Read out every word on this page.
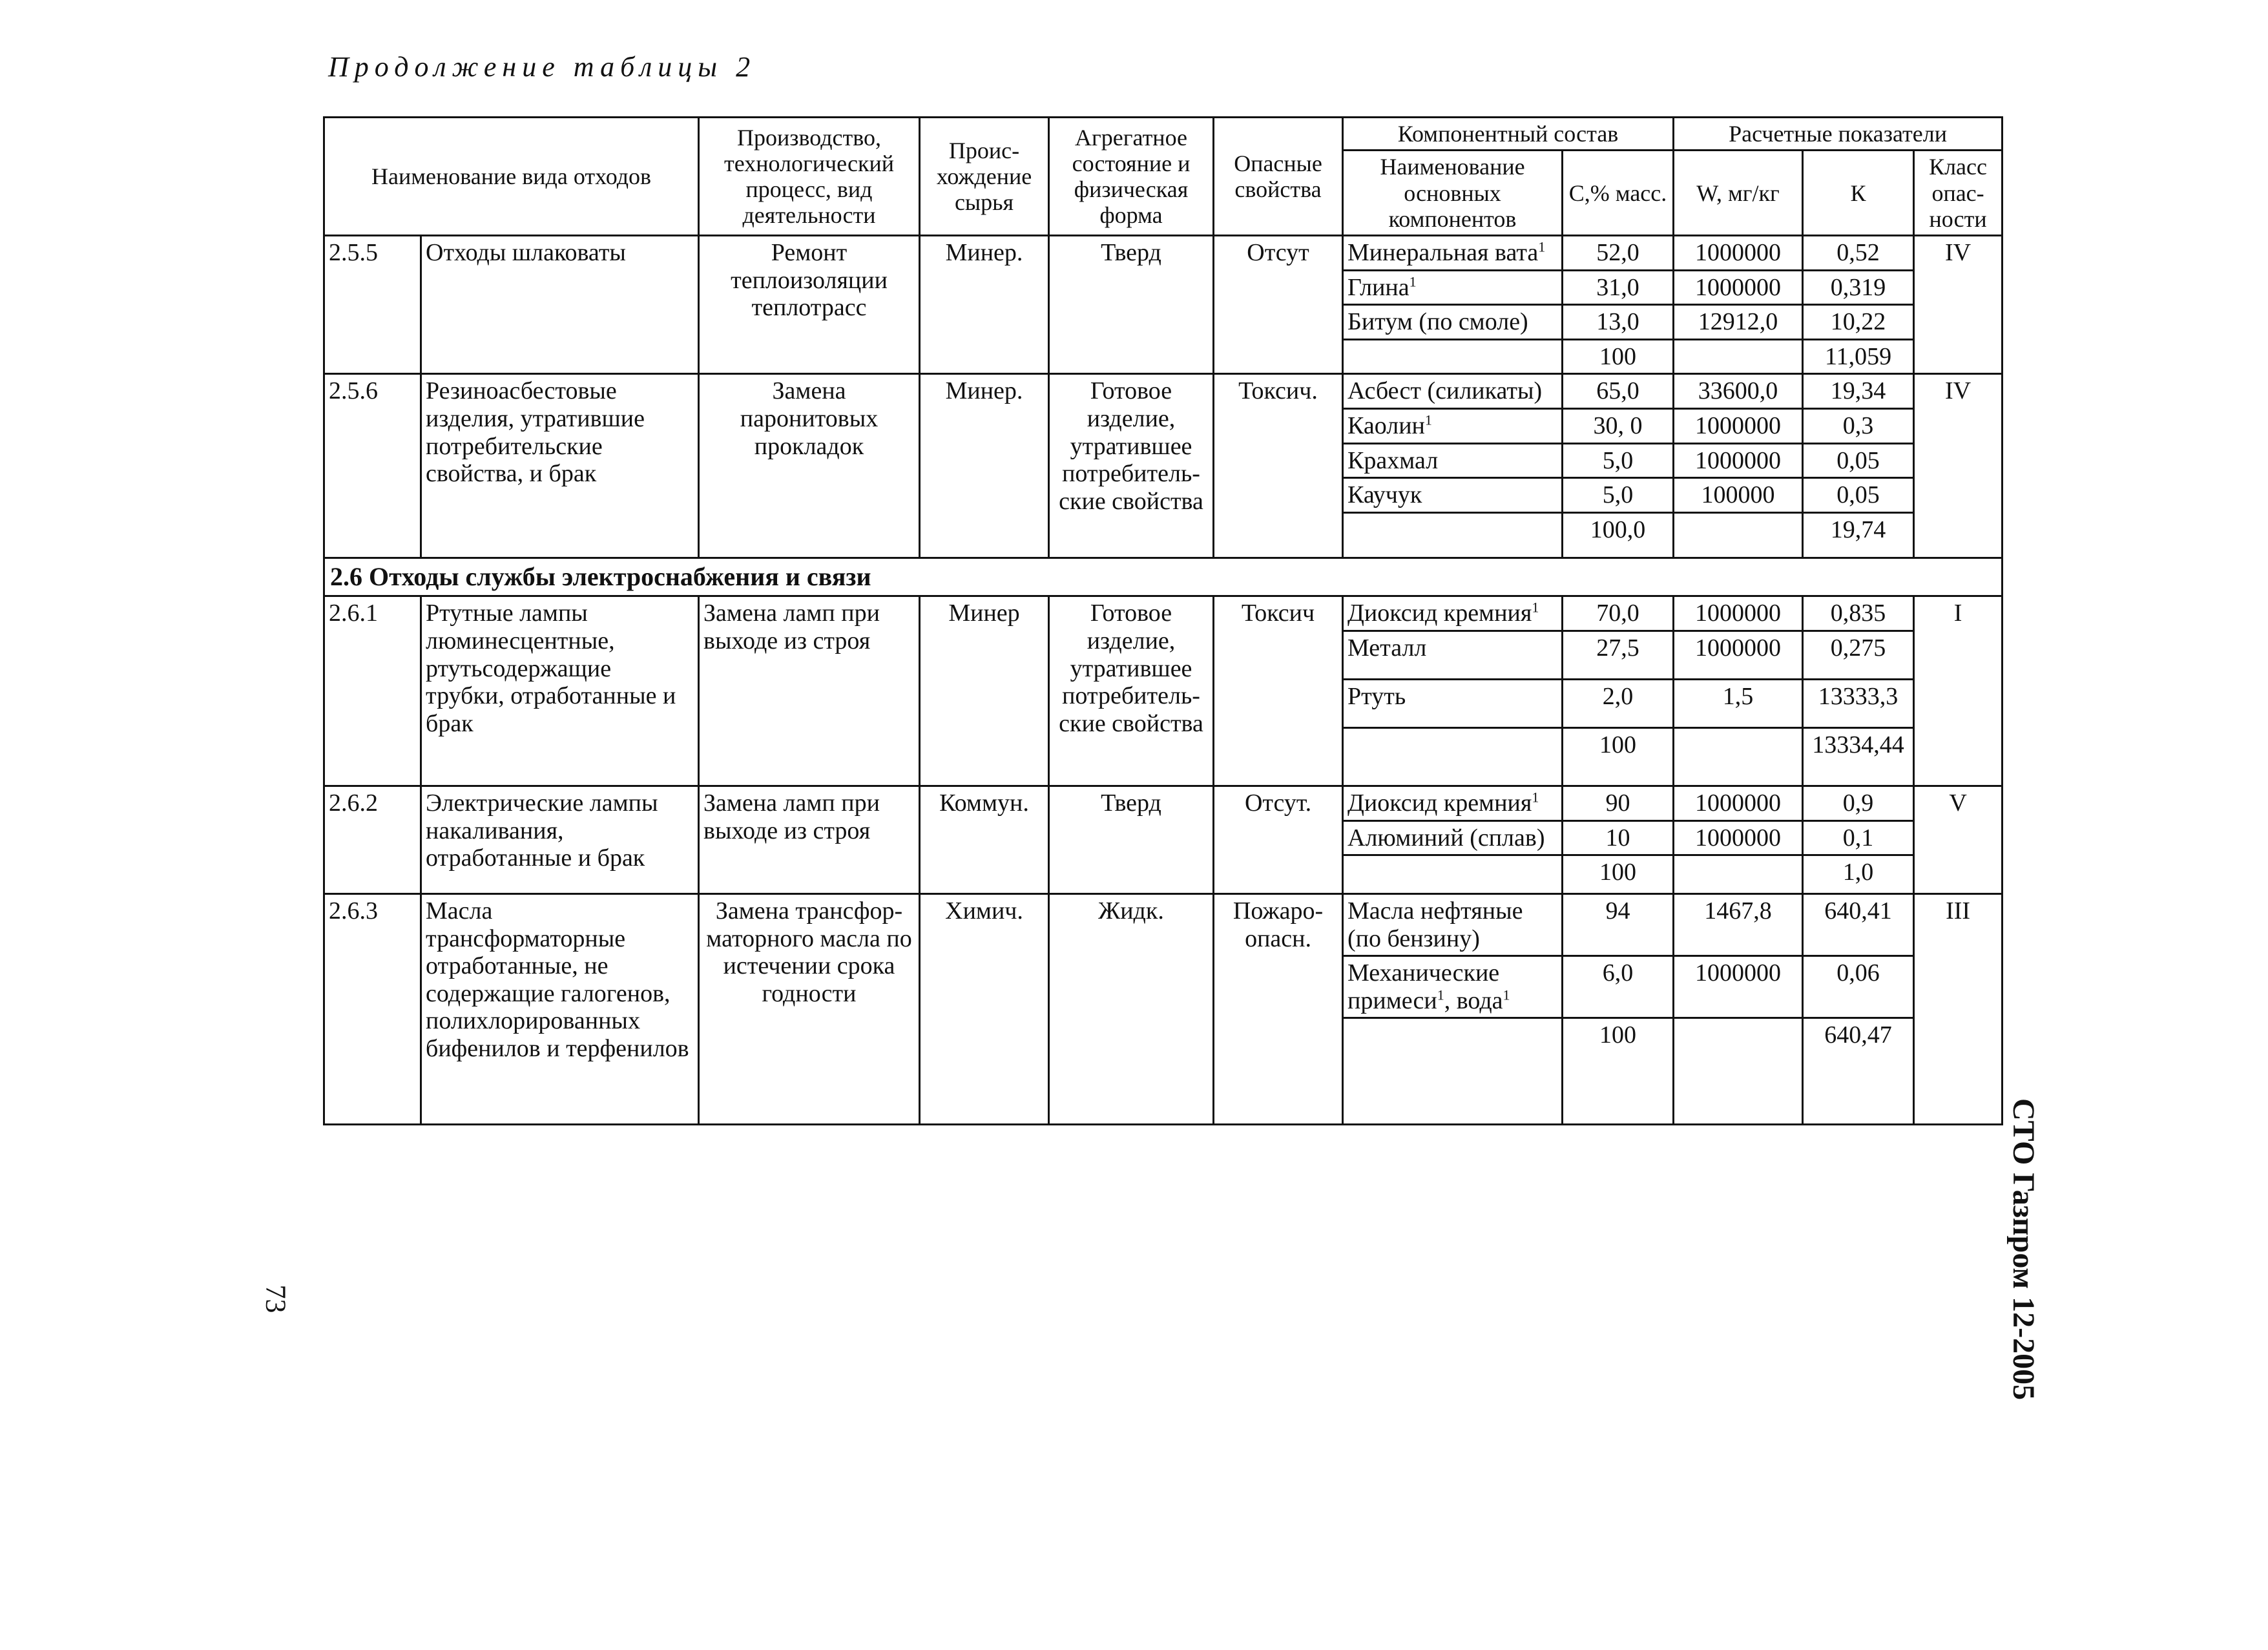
Продолжение таблицы 2
73	СТО Газпром 12-2005
Наименование вида отходов		Производство, технологический процесс, вид деятельности	Проис-хождение сырья	Агрегатное состояние и физическая форма	Опасные свойства	Компонентный состав		Расчетные показатели		
						Наименование основных компонентов	С,% масс.	W, мг/кг	К	Класс опас-ности
2.5.5	Отходы шлаковаты	Ремонт теплоизоляции теплотрасс	Минер.	Тверд	Отсут	Минеральная вата$^1$	52,0	1000000	0,52	IV
						Глина$^1$	31,0	1000000	0,319	
						Битум (по смоле)	13,0	12912,0	10,22	
							100		11,059	
2.5.6	Резиноасбестовые изделия, утратившие потребительские свойства, и брак	Замена паронитовых прокладок	Минер.	Готовое изделие, утратившее потребитель-ские свойства	Токсич.	Асбест (силикаты)	65,0	33600,0	19,34	IV
						Каолин$^1$	30, 0	1000000	0,3	
						Крахмал	5,0	1000000	0,05	
						Каучук	5,0	100000	0,05	
							100,0		19,74	
2.6 Отходы службы электроснабжения и связи										
2.6.1	Ртутные лампы люминесцентные, ртутьсодержащие трубки, отработанные и брак	Замена ламп при выходе из строя	Минер	Готовое изделие, утратившее потребитель-ские свойства	Токсич	Диоксид кремния$^1$	70,0	1000000	0,835	I
						Металл	27,5	1000000	0,275	
						Ртуть	2,0	1,5	13333,3	
							100		13334,44	
2.6.2	Электрические лампы накаливания, отработанные и брак	Замена ламп при выходе из строя	Коммун.	Тверд	Отсут.	Диоксид кремния$^1$	90	1000000	0,9	V
						Алюминий (сплав)	10	1000000	0,1	
							100		1,0	
2.6.3	Масла трансформаторные отработанные, не содержащие галогенов, полихлорированных бифенилов и терфенилов	Замена трансфор-маторного масла по истечении срока годности	Химич.	Жидк.	Пожаро-опасн.	Масла нефтяные (по бензину)	94	1467,8	640,41	III
						Механические примеси$^1$, вода$^1$	6,0	1000000	0,06	
							100		640,47	
